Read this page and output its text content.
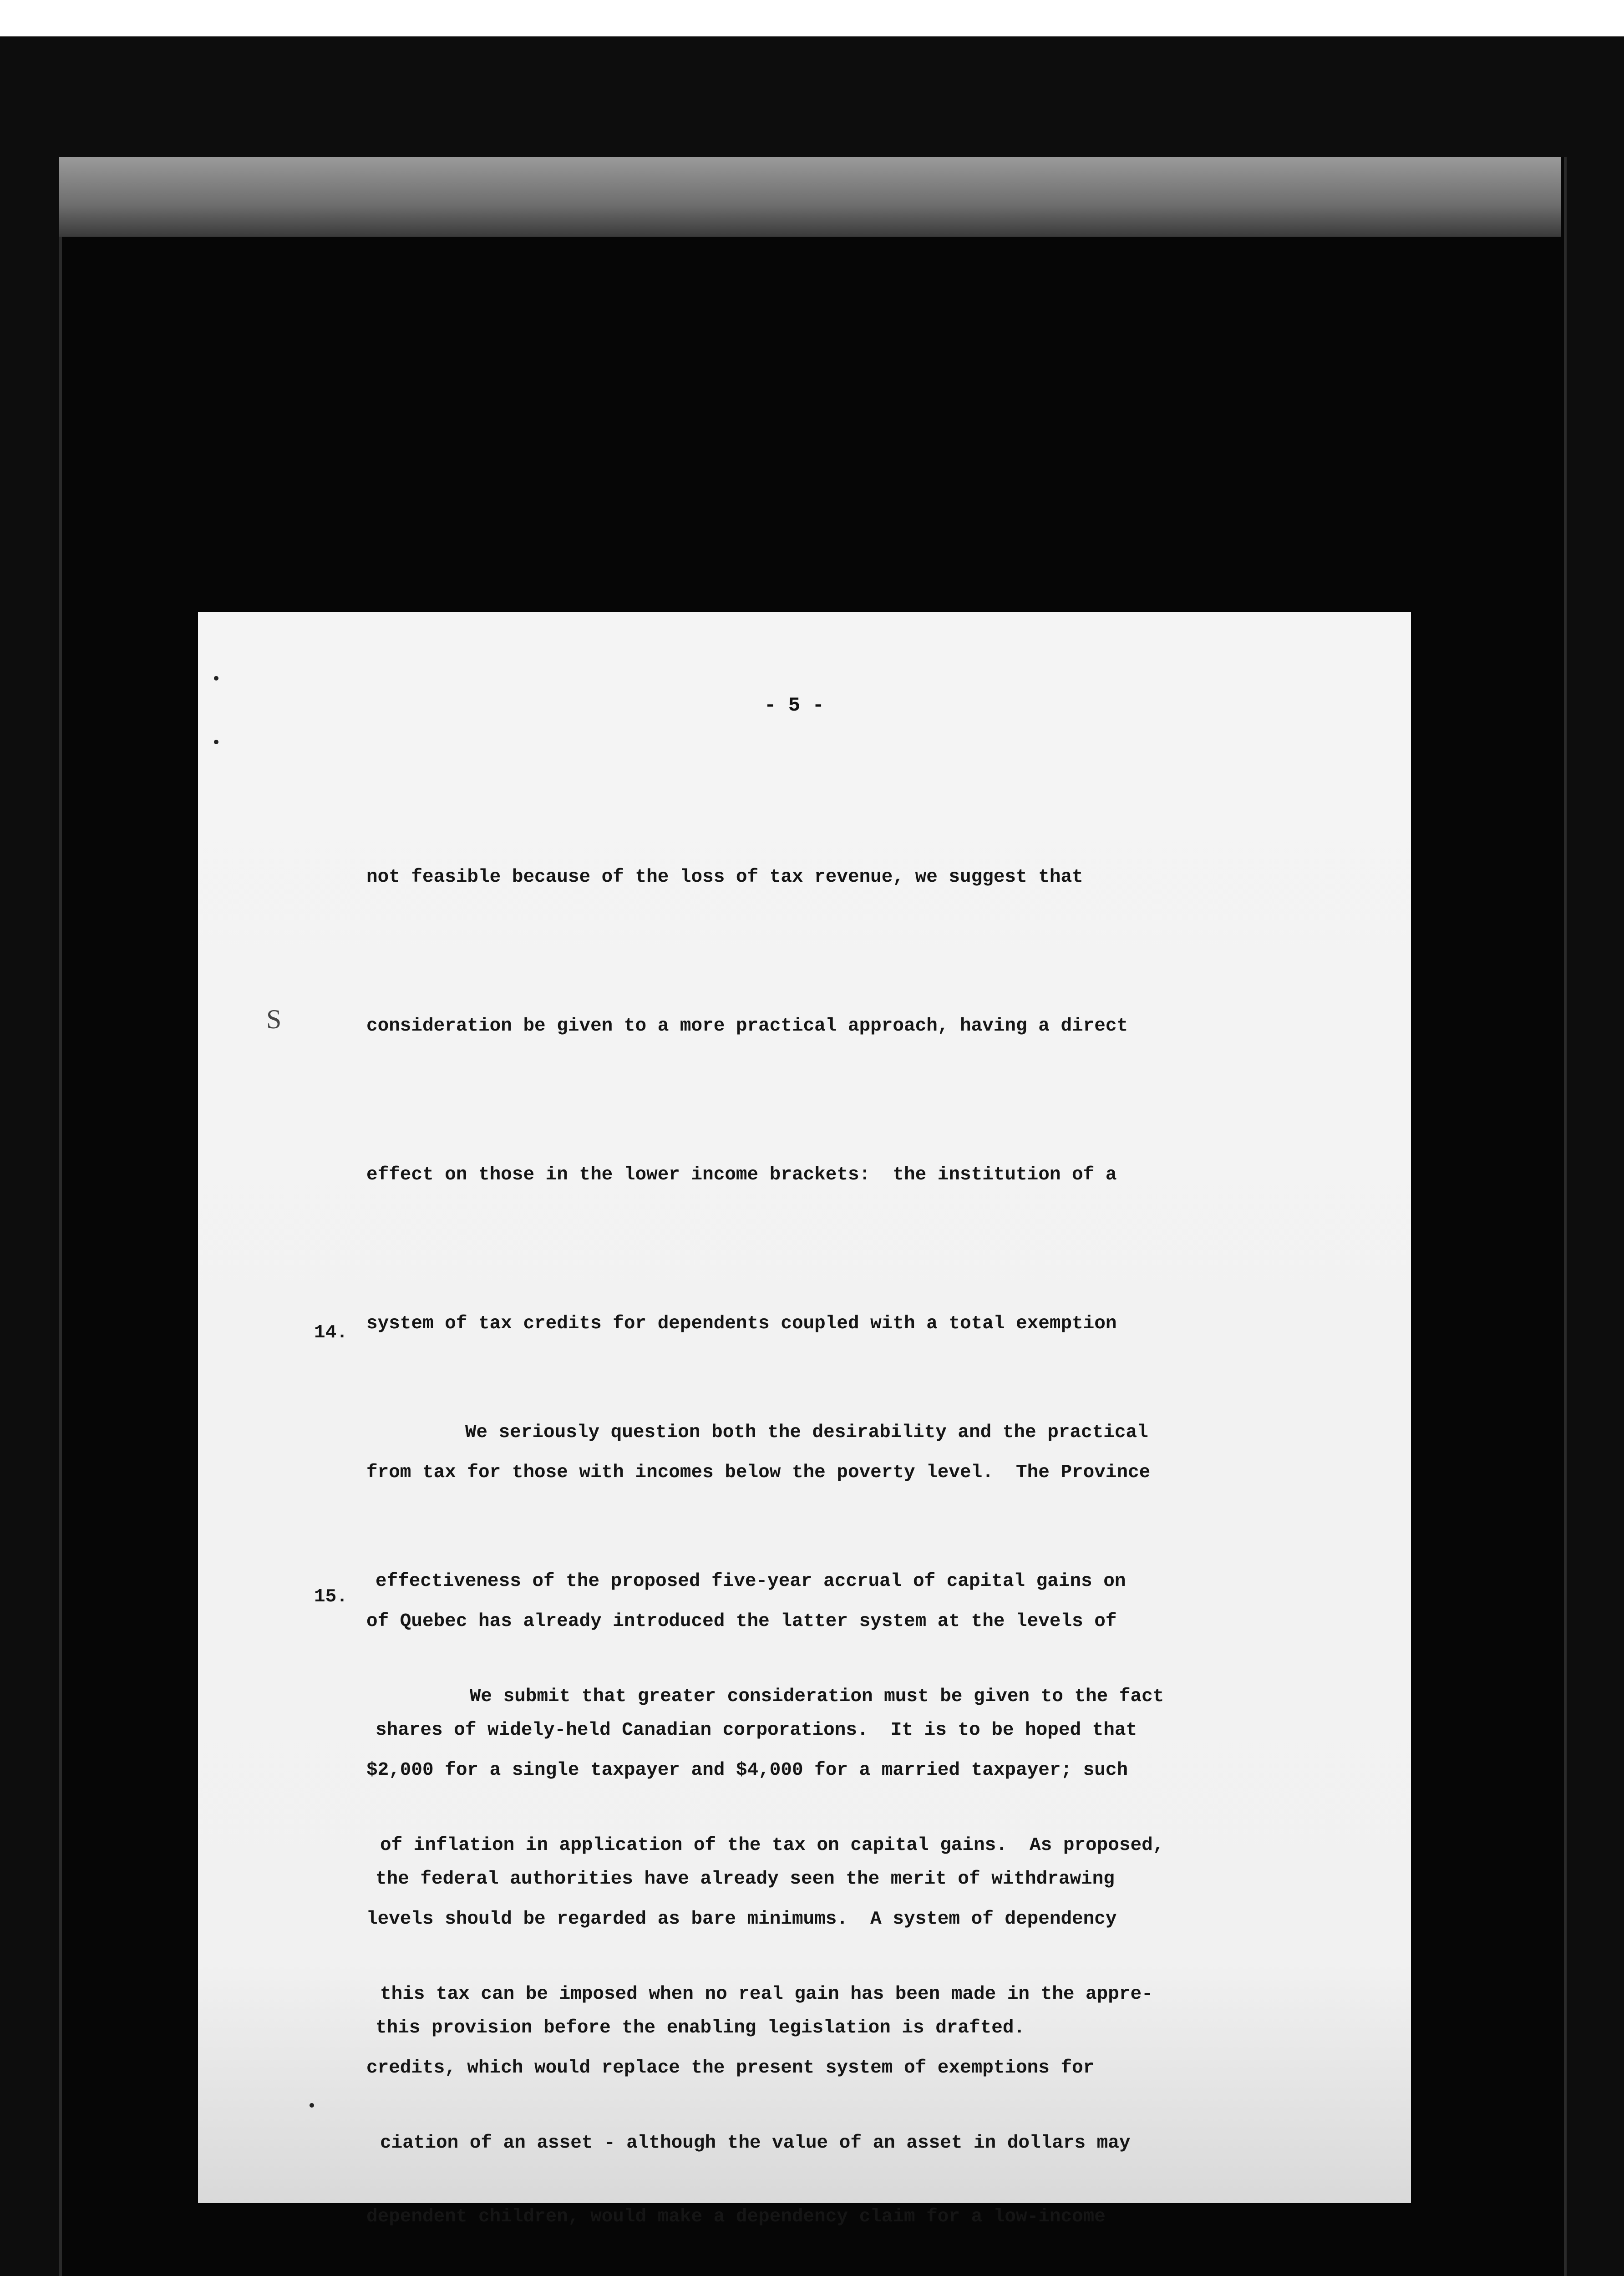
- 5 -
S

not feasible because of the loss of tax revenue, we suggest that

consideration be given to a more practical approach, having a direct

effect on those in the lower income brackets:  the institution of a

system of tax credits for dependents coupled with a total exemption

from tax for those with incomes below the poverty level.  The Province

of Quebec has already introduced the latter system at the levels of

$2,000 for a single taxpayer and $4,000 for a married taxpayer; such

levels should be regarded as bare minimums.  A system of dependency

credits, which would replace the present system of exemptions for

dependent children, would make a dependency claim for a low-income

14.

We seriously question both the desirability and the practical

effectiveness of the proposed five-year accrual of capital gains on

shares of widely-held Canadian corporations.  It is to be hoped that

the federal authorities have already seen the merit of withdrawing

this provision before the enabling legislation is drafted.

15.

We submit that greater consideration must be given to the fact

of inflation in application of the tax on capital gains.  As proposed,

this tax can be imposed when no real gain has been made in the appre-

ciation of an asset - although the value of an asset in dollars may
